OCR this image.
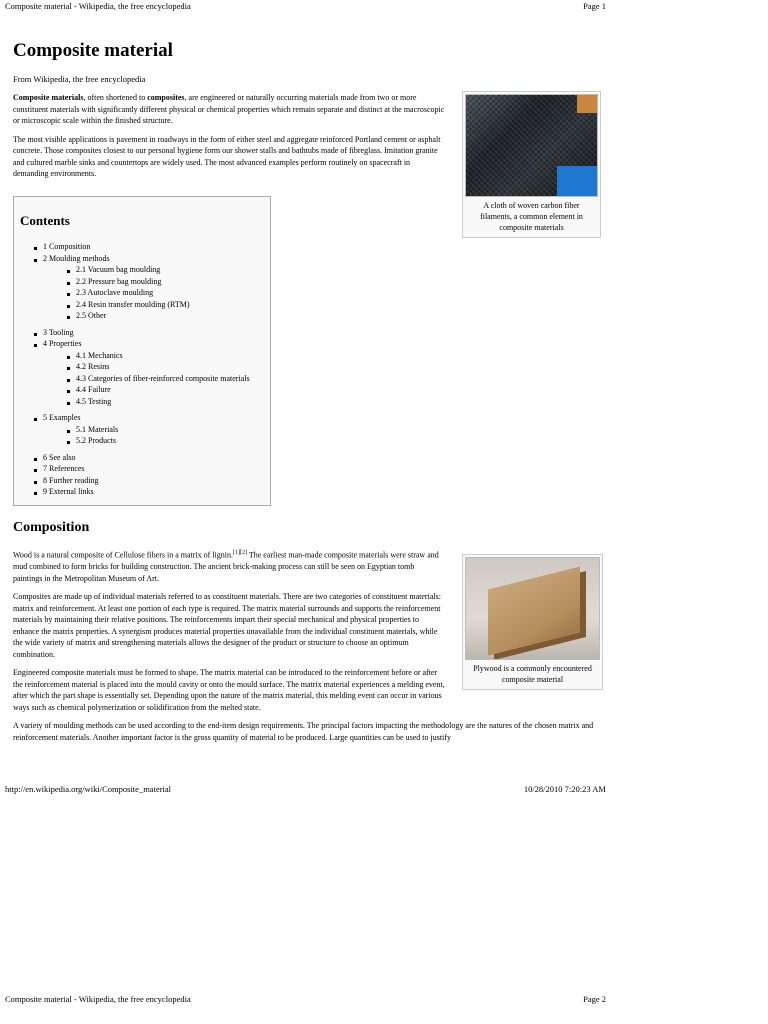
Composite material - Wikipedia, the free encyclopedia	Page 1
Composite material
From Wikipedia, the free encyclopedia

Composite materials, often shortened to composites, are engineered or naturally occurring materials made from two or more constituent materials with significantly different physical or chemical properties which remain separate and distinct at the macroscopic or microscopic scale within the finished structure.

The most visible applications is pavement in roadways in the form of either steel and aggregate reinforced Portland cement or asphalt concrete. Those composites closest to our personal hygiene form our shower stalls and bathtubs made of fibreglass. Imitation granite and cultured marble sinks and countertops are widely used. The most advanced examples perform routinely on spacecraft in demanding environments.

A cloth of woven carbon fiber filaments, a common element in composite materials
Contents
1 Composition
2 Moulding methods
2.1 Vacuum bag moulding
2.2 Pressure bag moulding
2.3 Autoclave moulding
2.4 Resin transfer moulding (RTM)
2.5 Other
3 Tooling
4 Properties
4.1 Mechanics
4.2 Resins
4.3 Categories of fiber-reinforced composite materials
4.4 Failure
4.5 Testing
5 Examples
5.1 Materials
5.2 Products
6 See also
7 References
8 Further reading
9 External links
Composition

Wood is a natural composite of Cellulose fibers in a matrix of lignin.[1][2] The earliest man-made composite materials were straw and mud combined to form bricks for building construction. The ancient brick-making process can still be seen on Egyptian tomb paintings in the Metropolitan Museum of Art.

Composites are made up of individual materials referred to as constituent materials. There are two categories of constituent materials: matrix and reinforcement. At least one portion of each type is required. The matrix material surrounds and supports the reinforcement materials by maintaining their relative positions. The reinforcements impart their special mechanical and physical properties to enhance the matrix properties. A synergism produces material properties unavailable from the individual constituent materials, while the wide variety of matrix and strengthening materials allows the designer of the product or structure to choose an optimum combination.

Engineered composite materials must be formed to shape. The matrix material can be introduced to the reinforcement before or after the reinforcement material is placed into the mould cavity or onto the mould surface. The matrix material experiences a melding event, after which the part shape is essentially set. Depending upon the nature of the matrix material, this melding event can occur in various ways such as chemical polymerization or solidification from the melted state.

A variety of moulding methods can be used according to the end-item design requirements. The principal factors impacting the methodology are the natures of the chosen matrix and reinforcement materials. Another important factor is the gross quantity of material to be produced. Large quantities can be used to justify

Plywood is a commonly encountered composite material
http://en.wikipedia.org/wiki/Composite_material	10/28/2010 7:20:23 AM
Composite material - Wikipedia, the free encyclopedia	Page 2
